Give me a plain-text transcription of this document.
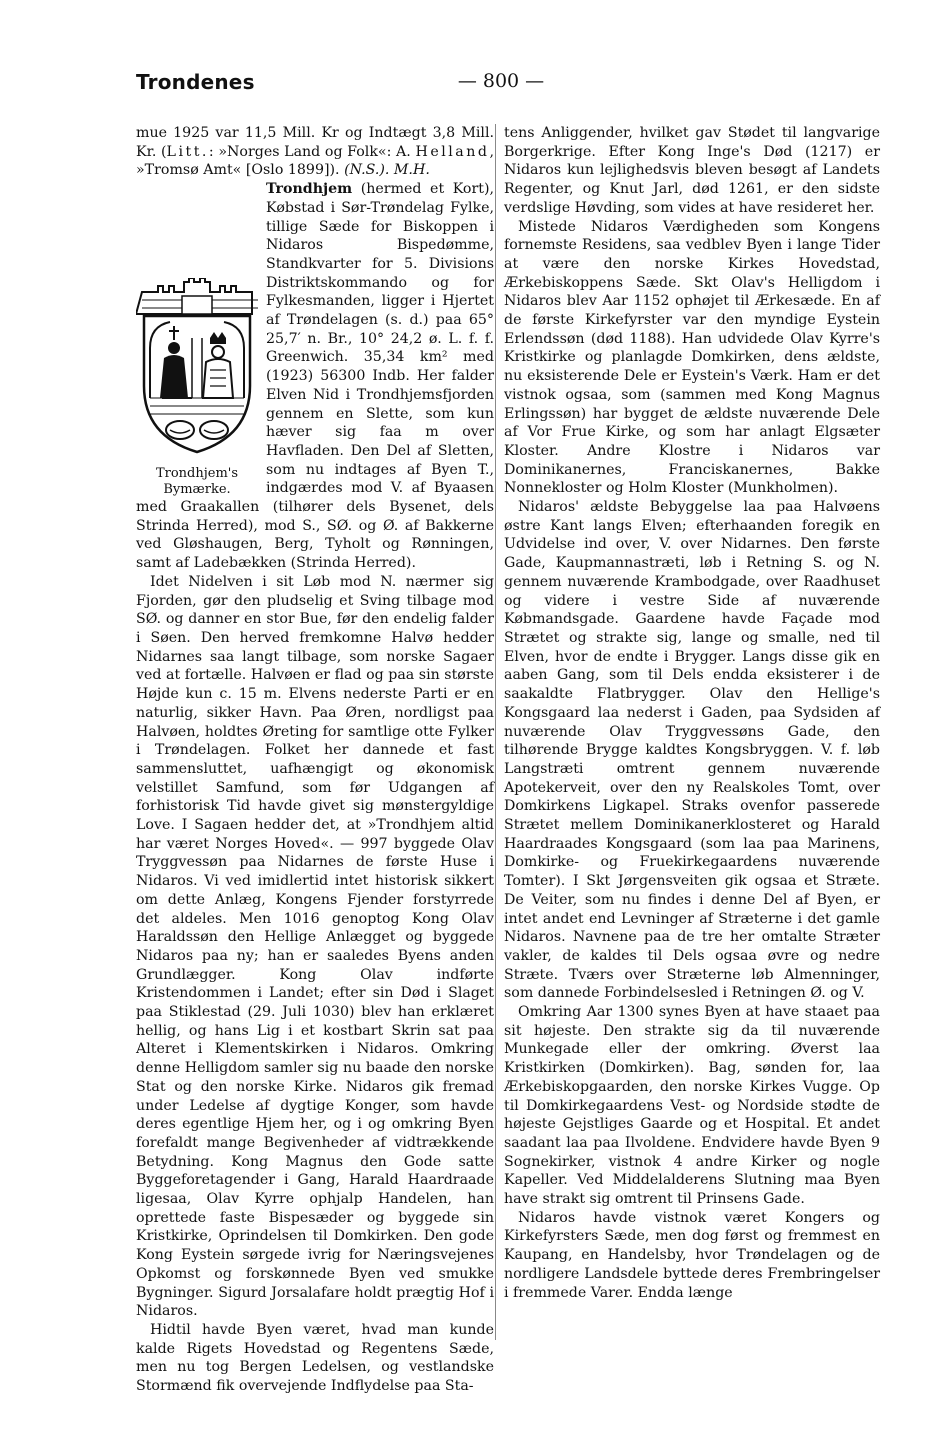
Trondenes	— 800 —

mue 1925 var 11,5 Mill. Kr og Indtægt 3,8 Mill. Kr. (Litt.: »Norges Land og Folk«: A. Helland, »Tromsø Amt« [Oslo 1899]). (N.S.). M.H.

Trondhjem's Bymærke.
Trondhjem (hermed et Kort), Købstad i Sør-Trøndelag Fylke, tillige Sæde for Biskoppen i Nidaros Bispedømme, Standkvarter for 5. Divisions Distriktskommando og for Fylkesmanden, ligger i Hjertet af Trøndelagen (s. d.) paa 65° 25,7′ n. Br., 10° 24,2 ø. L. f. f. Greenwich. 35,34 km² med (1923) 56300 Indb. Her falder Elven Nid i Trondhjemsfjorden gennem en Slette, som kun hæver sig faa m over Havfladen. Den Del af Sletten, som nu indtages af Byen T., indgærdes mod V. af Byaasen med Graakallen (tilhører dels Bysenet, dels Strinda Herred), mod S., SØ. og Ø. af Bakkerne ved Gløshaugen, Berg, Tyholt og Rønningen, samt af Ladebækken (Strinda Herred).

Idet Nidelven i sit Løb mod N. nærmer sig Fjorden, gør den pludselig et Sving tilbage mod SØ. og danner en stor Bue, før den endelig falder i Søen. Den herved fremkomne Halvø hedder Nidarnes saa langt tilbage, som norske Sagaer ved at fortælle. Halvøen er flad og paa sin største Højde kun c. 15 m. Elvens nederste Parti er en naturlig, sikker Havn. Paa Øren, nordligst paa Halvøen, holdtes Øreting for samtlige otte Fylker i Trøndelagen. Folket her dannede et fast sammensluttet, uafhængigt og økonomisk velstillet Samfund, som før Udgangen af forhistorisk Tid havde givet sig mønstergyldige Love. I Sagaen hedder det, at »Trondhjem altid har været Norges Hoved«. — 997 byggede Olav Tryggvessøn paa Nidarnes de første Huse i Nidaros. Vi ved imidlertid intet historisk sikkert om dette Anlæg, Kongens Fjender forstyrrede det aldeles. Men 1016 genoptog Kong Olav Haraldssøn den Hellige Anlægget og byggede Nidaros paa ny; han er saaledes Byens anden Grundlægger. Kong Olav indførte Kristendommen i Landet; efter sin Død i Slaget paa Stiklestad (29. Juli 1030) blev han erklæret hellig, og hans Lig i et kostbart Skrin sat paa Alteret i Klementskirken i Nidaros. Omkring denne Helligdom samler sig nu baade den norske Stat og den norske Kirke. Nidaros gik fremad under Ledelse af dygtige Konger, som havde deres egentlige Hjem her, og i og omkring Byen forefaldt mange Begivenheder af vidtrækkende Betydning. Kong Magnus den Gode satte Byggeforetagender i Gang, Harald Haardraade ligesaa, Olav Kyrre ophjalp Handelen, han oprettede faste Bispesæder og byggede sin Kristkirke, Oprindelsen til Domkirken. Den gode Kong Eystein sørgede ivrig for Næringsvejenes Opkomst og forskønnede Byen ved smukke Bygninger. Sigurd Jorsalafare holdt prægtig Hof i Nidaros.

Hidtil havde Byen været, hvad man kunde kalde Rigets Hovedstad og Regentens Sæde, men nu tog Bergen Ledelsen, og vestlandske Stormænd fik overvejende Indflydelse paa Sta-

tens Anliggender, hvilket gav Stødet til langvarige Borgerkrige. Efter Kong Inge's Død (1217) er Nidaros kun lejlighedsvis bleven besøgt af Landets Regenter, og Knut Jarl, død 1261, er den sidste verdslige Høvding, som vides at have resideret her.

Mistede Nidaros Værdigheden som Kongens fornemste Residens, saa vedblev Byen i lange Tider at være den norske Kirkes Hovedstad, Ærkebiskoppens Sæde. Skt Olav's Helligdom i Nidaros blev Aar 1152 ophøjet til Ærkesæde. En af de første Kirkefyrster var den myndige Eystein Erlendssøn (død 1188). Han udvidede Olav Kyrre's Kristkirke og planlagde Domkirken, dens ældste, nu eksisterende Dele er Eystein's Værk. Ham er det vistnok ogsaa, som (sammen med Kong Magnus Erlingssøn) har bygget de ældste nuværende Dele af Vor Frue Kirke, og som har anlagt Elgsæter Kloster. Andre Klostre i Nidaros var Dominikanernes, Franciskanernes, Bakke Nonnekloster og Holm Kloster (Munkholmen).

Nidaros' ældste Bebyggelse laa paa Halvøens østre Kant langs Elven; efterhaanden foregik en Udvidelse ind over, V. over Nidarnes. Den første Gade, Kaupmannastræti, løb i Retning S. og N. gennem nuværende Krambodgade, over Raadhuset og videre i vestre Side af nuværende Købmandsgade. Gaardene havde Façade mod Strætet og strakte sig, lange og smalle, ned til Elven, hvor de endte i Brygger. Langs disse gik en aaben Gang, som til Dels endda eksisterer i de saakaldte Flatbrygger. Olav den Hellige's Kongsgaard laa nederst i Gaden, paa Sydsiden af nuværende Olav Tryggvessøns Gade, den tilhørende Brygge kaldtes Kongsbryggen. V. f. løb Langstræti omtrent gennem nuværende Apotekerveit, over den ny Realskoles Tomt, over Domkirkens Ligkapel. Straks ovenfor passerede Strætet mellem Dominikanerklosteret og Harald Haardraades Kongsgaard (som laa paa Marinens, Domkirke- og Fruekirkegaardens nuværende Tomter). I Skt Jørgensveiten gik ogsaa et Stræte. De Veiter, som nu findes i denne Del af Byen, er intet andet end Levninger af Stræterne i det gamle Nidaros. Navnene paa de tre her omtalte Stræter vakler, de kaldes til Dels ogsaa øvre og nedre Stræte. Tværs over Stræterne løb Almenninger, som dannede Forbindelsesled i Retningen Ø. og V.

Omkring Aar 1300 synes Byen at have staaet paa sit højeste. Den strakte sig da til nuværende Munkegade eller der omkring. Øverst laa Kristkirken (Domkirken). Bag, sønden for, laa Ærkebiskopgaarden, den norske Kirkes Vugge. Op til Domkirkegaardens Vest- og Nordside stødte de højeste Gejstliges Gaarde og et Hospital. Et andet saadant laa paa Ilvoldene. Endvidere havde Byen 9 Sognekirker, vistnok 4 andre Kirker og nogle Kapeller. Ved Middelalderens Slutning maa Byen have strakt sig omtrent til Prinsens Gade.

Nidaros havde vistnok været Kongers og Kirkefyrsters Sæde, men dog først og fremmest en Kaupang, en Handelsby, hvor Trøndelagen og de nordligere Landsdele byttede deres Frembringelser i fremmede Varer. Endda længe
